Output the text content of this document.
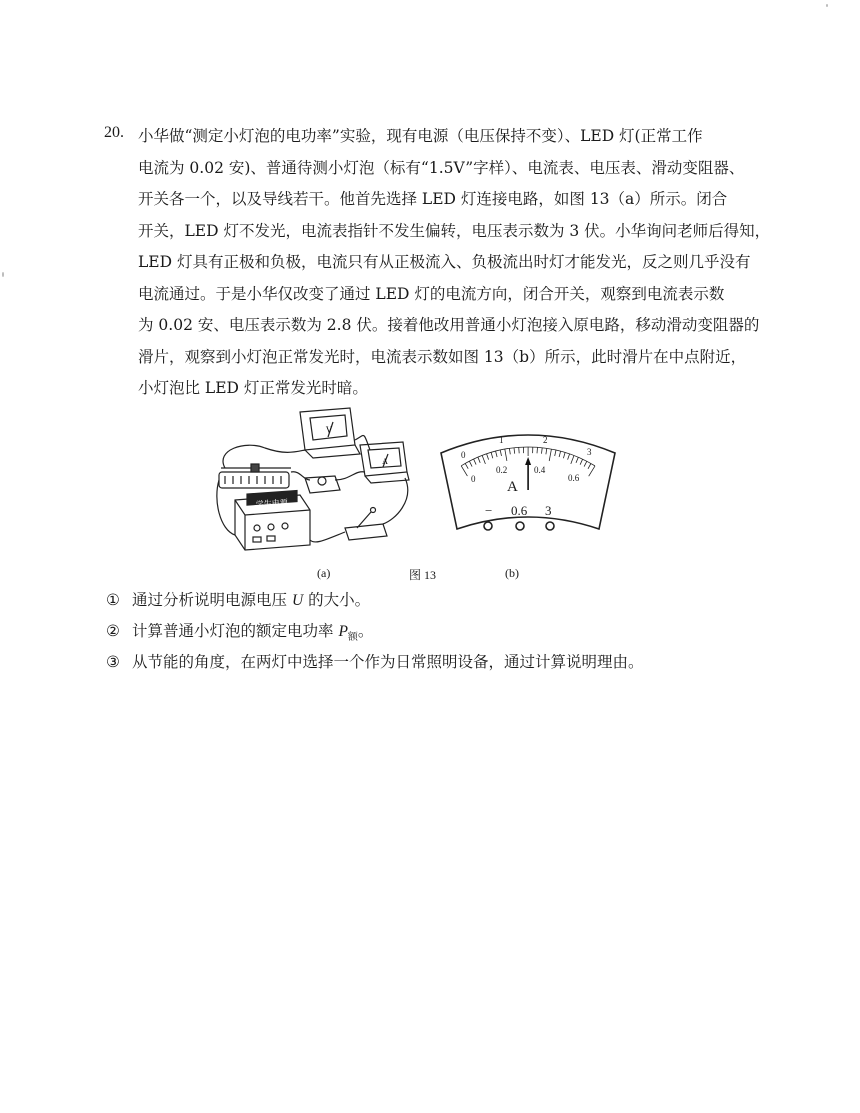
20. 小华做“测定小灯泡的电功率”实验，现有电源（电压保持不变）、LED 灯(正常工作
电流为 0.02 安)、普通待测小灯泡（标有“1.5V”字样）、电流表、电压表、滑动变阻器、
开关各一个，以及导线若干。他首先选择 LED 灯连接电路，如图 13（a）所示。闭合
开关，LED 灯不发光，电流表指针不发生偏转，电压表示数为 3 伏。小华询问老师后得知，
LED 灯具有正极和负极，电流只有从正极流入、负极流出时灯才能发光，反之则几乎没有
电流通过。于是小华仅改变了通过 LED 灯的电流方向，闭合开关，观察到电流表示数
为 0.02 安、电压表示数为 2.8 伏。接着他改用普通小灯泡接入原电路，移动滑动变阻器的
滑片，观察到小灯泡正常发光时，电流表示数如图 13（b）所示，此时滑片在中点附近，
小灯泡比 LED 灯正常发光时暗。
学生电源
V
A
0
1	2
3
0
0.2	0.4
0.6
A
− 0.6 3
(a)	图 13	(b)
① 通过分析说明电源电压 U 的大小。
② 计算普通小灯泡的额定电功率 $P_额$。
③ 从节能的角度，在两灯中选择一个作为日常照明设备，通过计算说明理由。
